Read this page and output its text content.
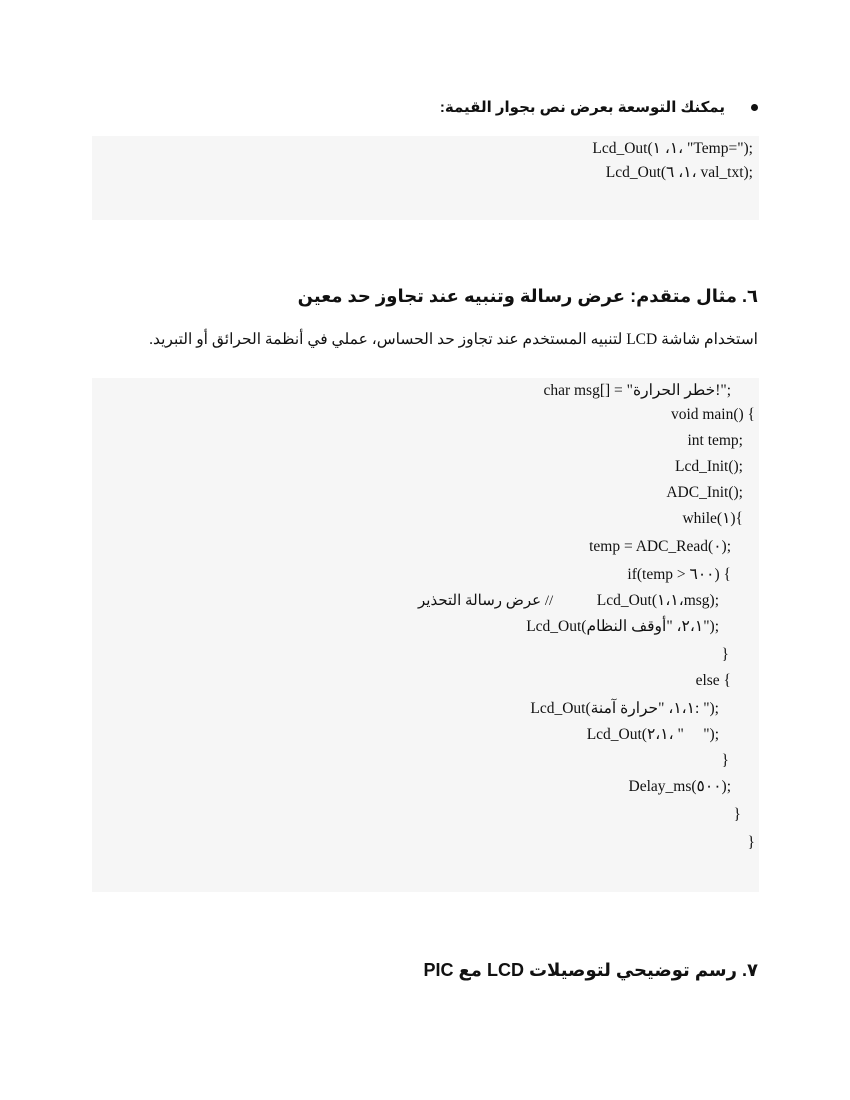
يمكنك التوسعة بعرض نص بجوار القيمة:
Lcd_Out(١، ١، "Temp=");
Lcd_Out(١، ٦، val_txt);
٦. مثال متقدم: عرض رسالة وتنبيه عند تجاوز حد معين
استخدام شاشة LCD لتنبيه المستخدم عند تجاوز حد الحساس، عملي في أنظمة الحرائق أو التبريد.
char msg[] = "خطر الحرارة!";
void main() {
int temp;
Lcd_Init();
ADC_Init();
while(١){
temp = ADC_Read(٠);
if(temp > ٦٠٠) {
Lcd_Out(١،١،msg);
Lcd_Out(٢،١، "أوقف النظام");
}
else {
Lcd_Out(١،١، "حرارة آمنة: ");
Lcd_Out(٢،١، "     ");
}
Delay_ms(٥٠٠);
}
}
// عرض رسالة التحذير
٧. رسم توضيحي لتوصيلات LCD مع PIC
